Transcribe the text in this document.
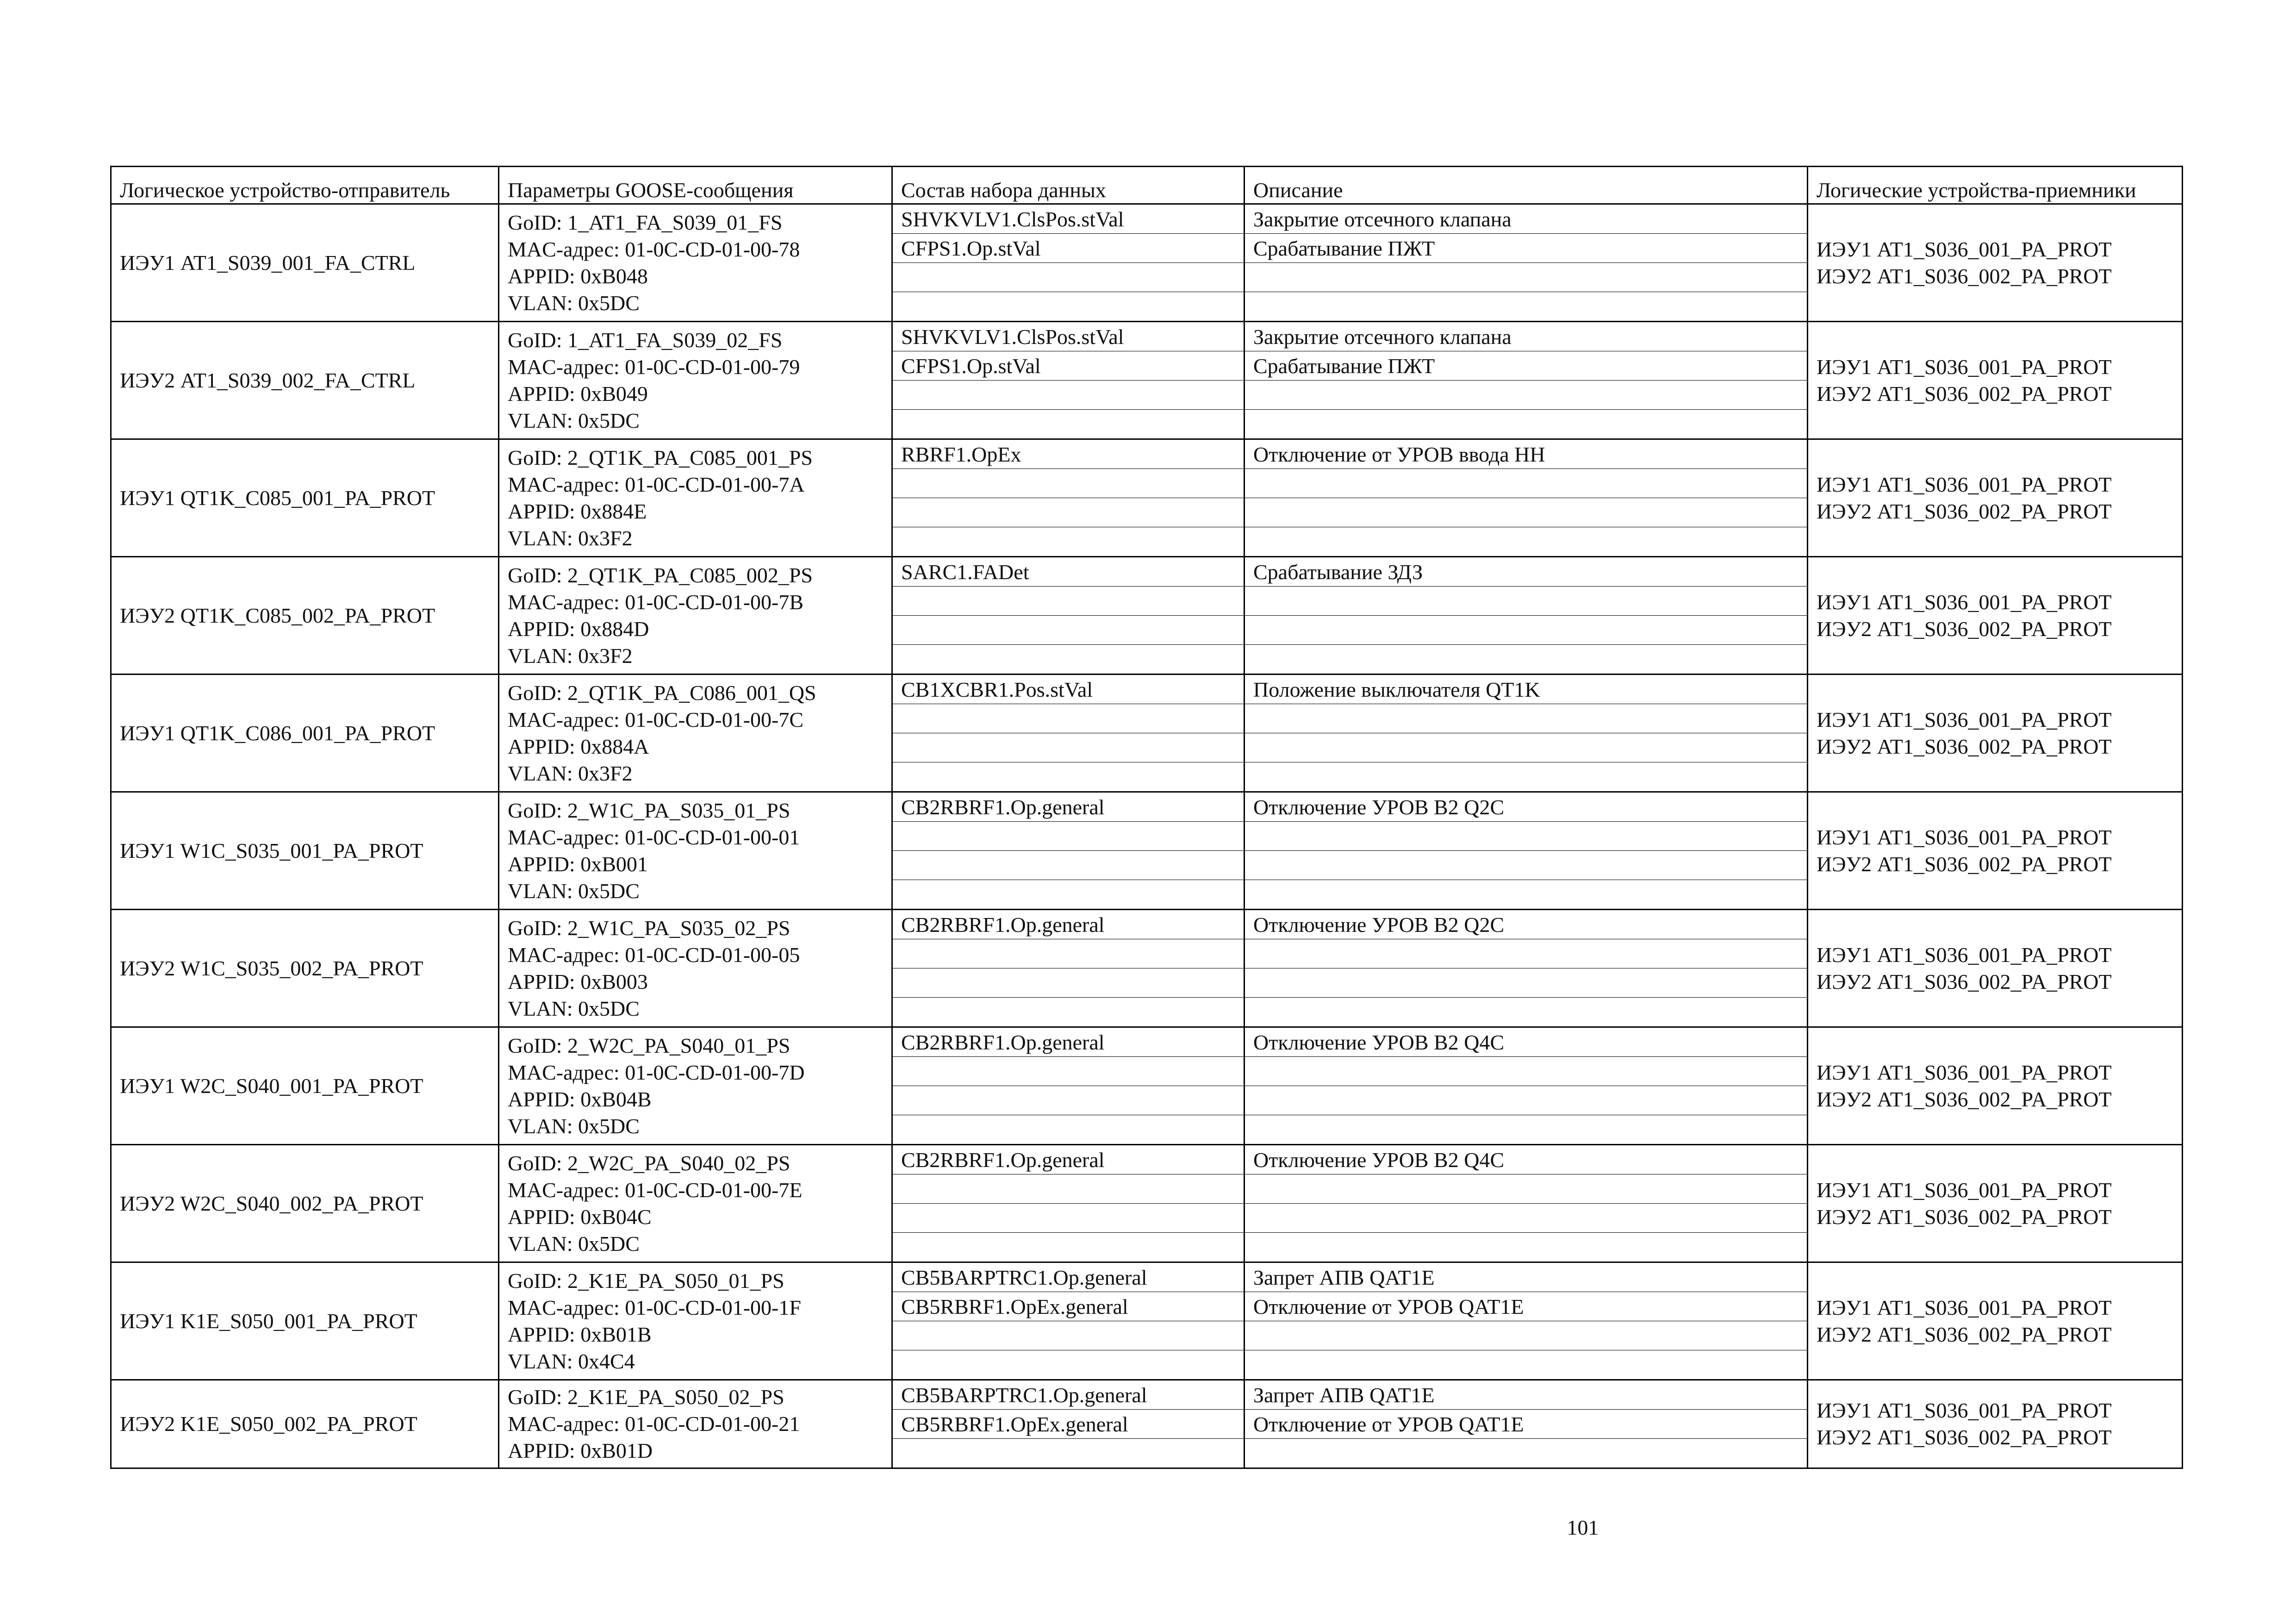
Логическое устройство-отправитель	Параметры GOOSE-сообщения	Состав набора данных	Описание	Логические устройства-приемники
ИЭУ1 AT1_S039_001_FA_CTRL	GoID: 1_AT1_FA_S039_01_FS
MAC-адрес: 01-0C-CD-01-00-78
APPID: 0xB048
VLAN: 0x5DC	SHVKVLV1.ClsPos.stVal	Закрытие отсечного клапана	ИЭУ1 AT1_S036_001_PA_PROT
ИЭУ2 AT1_S036_002_PA_PROT

		CFPS1.Op.stVal	Срабатывание ПЖТ	

ИЭУ2 AT1_S039_002_FA_CTRL	GoID: 1_AT1_FA_S039_02_FS
MAC-адрес: 01-0C-CD-01-00-79
APPID: 0xB049
VLAN: 0x5DC	SHVKVLV1.ClsPos.stVal	Закрытие отсечного клапана	ИЭУ1 AT1_S036_001_PA_PROT
ИЭУ2 AT1_S036_002_PA_PROT

		CFPS1.Op.stVal	Срабатывание ПЖТ	

ИЭУ1 QT1K_C085_001_PA_PROT	GoID: 2_QT1K_PA_C085_001_PS
MAC-адрес: 01-0C-CD-01-00-7A
APPID: 0x884E
VLAN: 0x3F2	RBRF1.OpEx	Отключение от УРОВ ввода НН	ИЭУ1 AT1_S036_001_PA_PROT
ИЭУ2 AT1_S036_002_PA_PROT

ИЭУ2 QT1K_C085_002_PA_PROT	GoID: 2_QT1K_PA_C085_002_PS
MAC-адрес: 01-0C-CD-01-00-7B
APPID: 0x884D
VLAN: 0x3F2	SARC1.FADet	Срабатывание ЗДЗ	ИЭУ1 AT1_S036_001_PA_PROT
ИЭУ2 AT1_S036_002_PA_PROT

ИЭУ1 QT1K_C086_001_PA_PROT	GoID: 2_QT1K_PA_C086_001_QS
MAC-адрес: 01-0C-CD-01-00-7C
APPID: 0x884A
VLAN: 0x3F2	CB1XCBR1.Pos.stVal	Положение выключателя QT1K	ИЭУ1 AT1_S036_001_PA_PROT
ИЭУ2 AT1_S036_002_PA_PROT

ИЭУ1 W1C_S035_001_PA_PROT	GoID: 2_W1C_PA_S035_01_PS
MAC-адрес: 01-0C-CD-01-00-01
APPID: 0xB001
VLAN: 0x5DC	CB2RBRF1.Op.general	Отключение УРОВ В2 Q2C	ИЭУ1 AT1_S036_001_PA_PROT
ИЭУ2 AT1_S036_002_PA_PROT

ИЭУ2 W1C_S035_002_PA_PROT	GoID: 2_W1C_PA_S035_02_PS
MAC-адрес: 01-0C-CD-01-00-05
APPID: 0xB003
VLAN: 0x5DC	CB2RBRF1.Op.general	Отключение УРОВ В2 Q2C	ИЭУ1 AT1_S036_001_PA_PROT
ИЭУ2 AT1_S036_002_PA_PROT

ИЭУ1 W2C_S040_001_PA_PROT	GoID: 2_W2C_PA_S040_01_PS
MAC-адрес: 01-0C-CD-01-00-7D
APPID: 0xB04B
VLAN: 0x5DC	CB2RBRF1.Op.general	Отключение УРОВ В2 Q4C	ИЭУ1 AT1_S036_001_PA_PROT
ИЭУ2 AT1_S036_002_PA_PROT

ИЭУ2 W2C_S040_002_PA_PROT	GoID: 2_W2C_PA_S040_02_PS
MAC-адрес: 01-0C-CD-01-00-7E
APPID: 0xB04C
VLAN: 0x5DC	CB2RBRF1.Op.general	Отключение УРОВ В2 Q4C	ИЭУ1 AT1_S036_001_PA_PROT
ИЭУ2 AT1_S036_002_PA_PROT

ИЭУ1 K1E_S050_001_PA_PROT	GoID: 2_K1E_PA_S050_01_PS
MAC-адрес: 01-0C-CD-01-00-1F
APPID: 0xB01B
VLAN: 0x4C4	CB5BARPTRC1.Op.general	Запрет АПВ QAT1E	ИЭУ1 AT1_S036_001_PA_PROT
ИЭУ2 AT1_S036_002_PA_PROT

		CB5RBRF1.OpEx.general	Отключение от УРОВ QAT1E	

ИЭУ2 K1E_S050_002_PA_PROT	GoID: 2_K1E_PA_S050_02_PS
MAC-адрес: 01-0C-CD-01-00-21
APPID: 0xB01D	CB5BARPTRC1.Op.general	Запрет АПВ QAT1E	ИЭУ1 AT1_S036_001_PA_PROT
ИЭУ2 AT1_S036_002_PA_PROT

		CB5RBRF1.OpEx.general	Отключение от УРОВ QAT1E	

101
